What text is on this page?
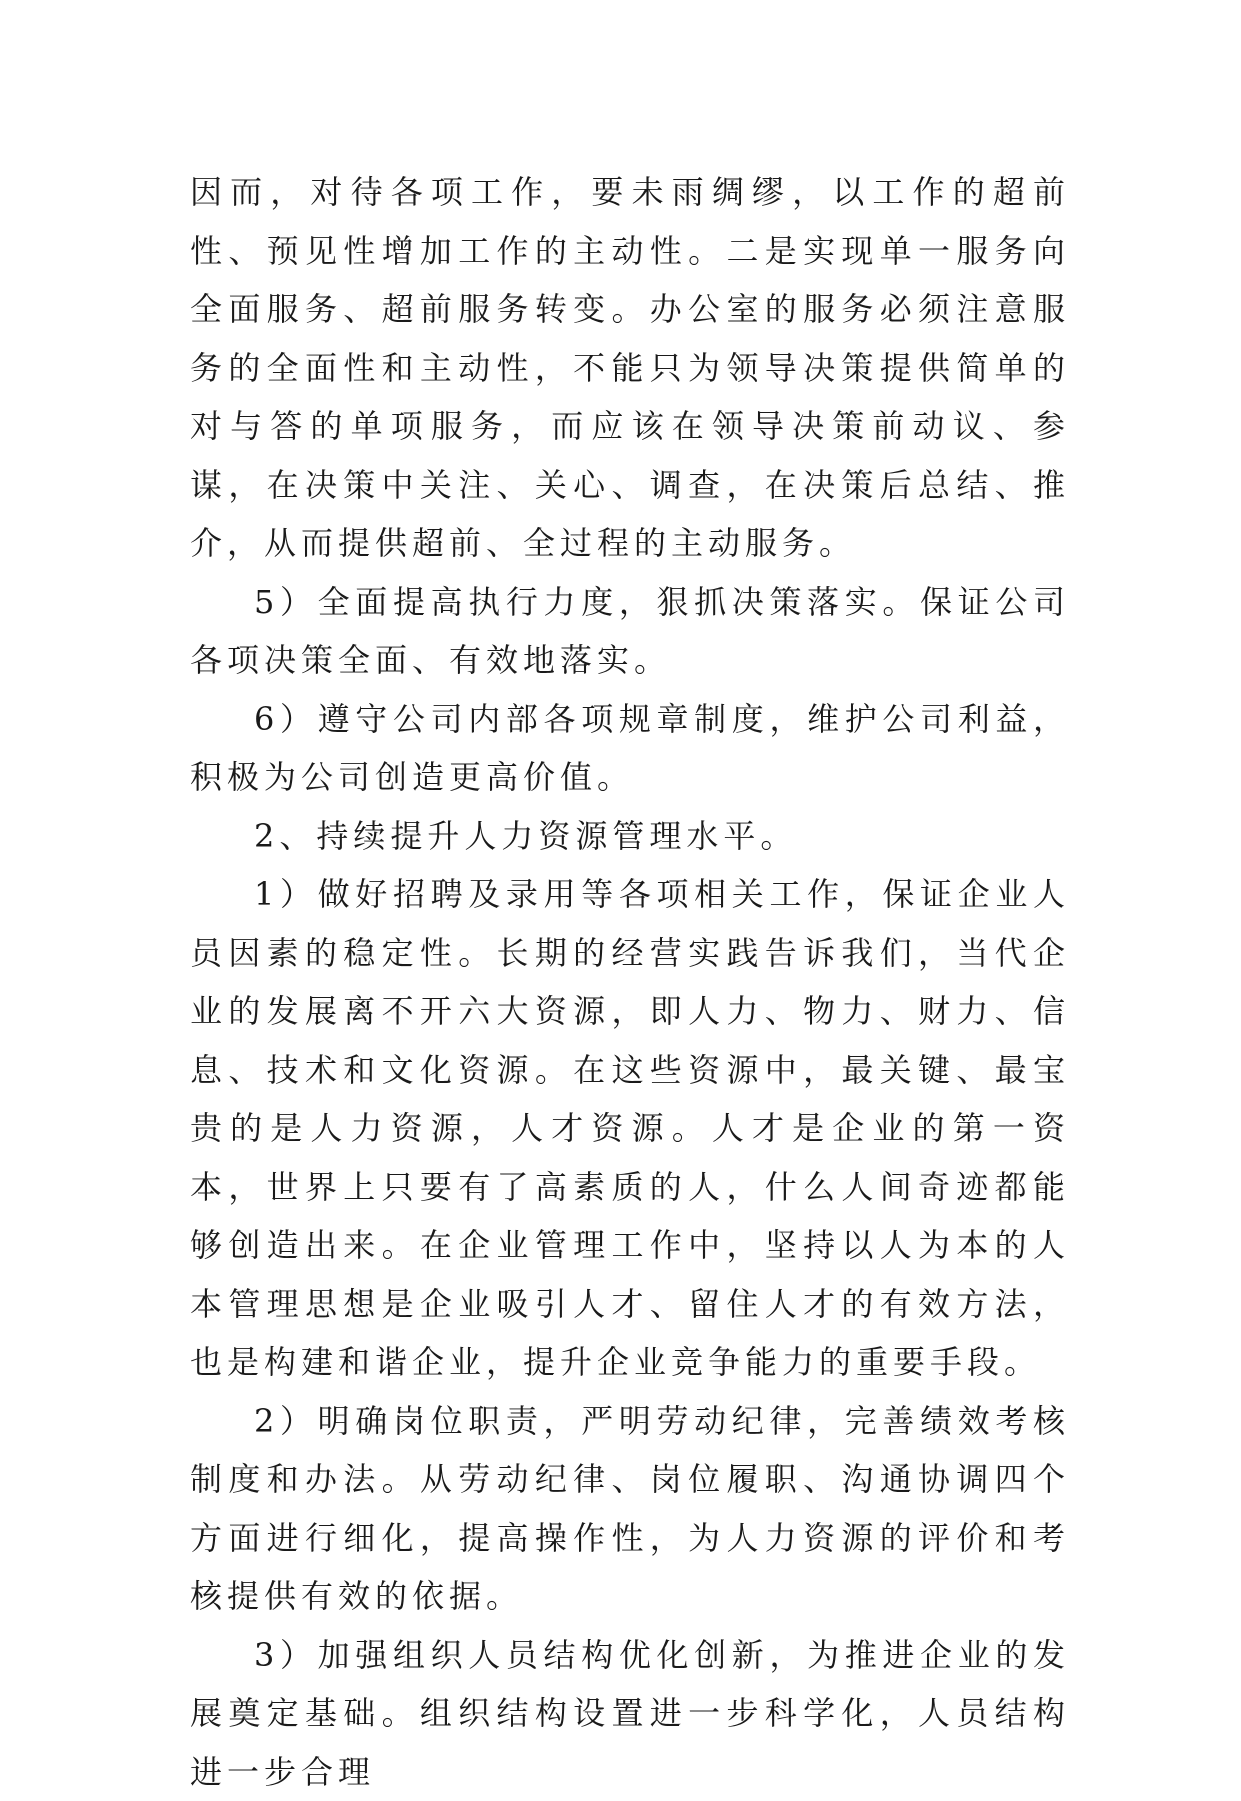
因而，对待各项工作，要未雨绸缪，以工作的超前性、预见性增加工作的主动性。二是实现单一服务向全面服务、超前服务转变。办公室的服务必须注意服务的全面性和主动性，不能只为领导决策提供简单的对与答的单项服务，而应该在领导决策前动议、参谋，在决策中关注、关心、调查，在决策后总结、推介，从而提供超前、全过程的主动服务。

5）全面提高执行力度，狠抓决策落实。保证公司各项决策全面、有效地落实。

6）遵守公司内部各项规章制度，维护公司利益，积极为公司创造更高价值。

2、持续提升人力资源管理水平。

1）做好招聘及录用等各项相关工作，保证企业人员因素的稳定性。长期的经营实践告诉我们，当代企业的发展离不开六大资源，即人力、物力、财力、信息、技术和文化资源。在这些资源中，最关键、最宝贵的是人力资源，人才资源。人才是企业的第一资本，世界上只要有了高素质的人，什么人间奇迹都能够创造出来。在企业管理工作中，坚持以人为本的人本管理思想是企业吸引人才、留住人才的有效方法，也是构建和谐企业，提升企业竞争能力的重要手段。

2）明确岗位职责，严明劳动纪律，完善绩效考核制度和办法。从劳动纪律、岗位履职、沟通协调四个方面进行细化，提高操作性，为人力资源的评价和考核提供有效的依据。

3）加强组织人员结构优化创新，为推进企业的发展奠定基础。组织结构设置进一步科学化，人员结构进一步合理
